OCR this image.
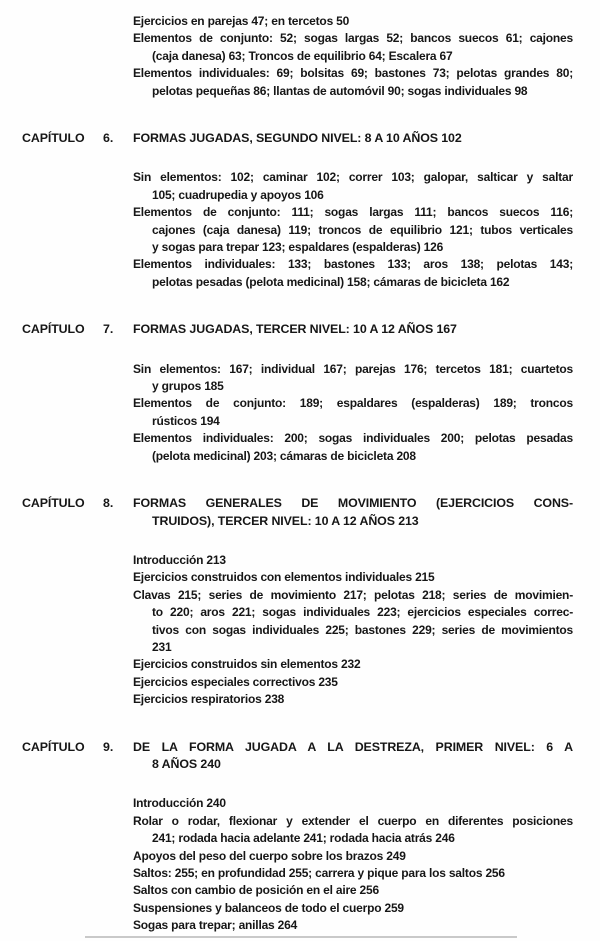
Ejercicios en parejas 47; en tercetos 50
Elementos de conjunto: 52; sogas largas 52; bancos suecos 61; cajones
(caja danesa) 63; Troncos de equilibrio 64; Escalera 67
Elementos individuales: 69; bolsitas 69; bastones 73; pelotas grandes 80;
pelotas pequeñas 86; llantas de automóvil 90; sogas individuales 98
CAPÍTULO 6. FORMAS JUGADAS, SEGUNDO NIVEL: 8 A 10 AÑOS 102
Sin elementos: 102; caminar 102; correr 103; galopar, salticar y saltar
105; cuadrupedia y apoyos 106
Elementos de conjunto: 111; sogas largas 111; bancos suecos 116;
cajones (caja danesa) 119; troncos de equilibrio 121; tubos verticales
y sogas para trepar 123; espaldares (espalderas) 126
Elementos individuales: 133; bastones 133; aros 138; pelotas 143;
pelotas pesadas (pelota medicinal) 158; cámaras de bicicleta 162
CAPÍTULO 7. FORMAS JUGADAS, TERCER NIVEL: 10 A 12 AÑOS 167
Sin elementos: 167; individual 167; parejas 176; tercetos 181; cuartetos
y grupos 185
Elementos de conjunto: 189; espaldares (espalderas) 189; troncos
rústicos 194
Elementos individuales: 200; sogas individuales 200; pelotas pesadas
(pelota medicinal) 203; cámaras de bicicleta 208
CAPÍTULO 8. FORMAS GENERALES DE MOVIMIENTO (EJERCICIOS CONS-
TRUIDOS), TERCER NIVEL: 10 A 12 AÑOS 213
Introducción 213
Ejercicios construidos con elementos individuales 215
Clavas 215; series de movimiento 217; pelotas 218; series de movimien-
to 220; aros 221; sogas individuales 223; ejercicios especiales correc-
tivos con sogas individuales 225; bastones 229; series de movimientos
231
Ejercicios construidos sin elementos 232
Ejercicios especiales correctivos 235
Ejercicios respiratorios 238
CAPÍTULO 9. DE LA FORMA JUGADA A LA DESTREZA, PRIMER NIVEL: 6 A
8 AÑOS 240
Introducción 240
Rolar o rodar, flexionar y extender el cuerpo en diferentes posiciones
241; rodada hacia adelante 241; rodada hacia atrás 246
Apoyos del peso del cuerpo sobre los brazos 249
Saltos: 255; en profundidad 255; carrera y pique para los saltos 256
Saltos con cambio de posición en el aire 256
Suspensiones y balanceos de todo el cuerpo 259
Sogas para trepar; anillas 264
